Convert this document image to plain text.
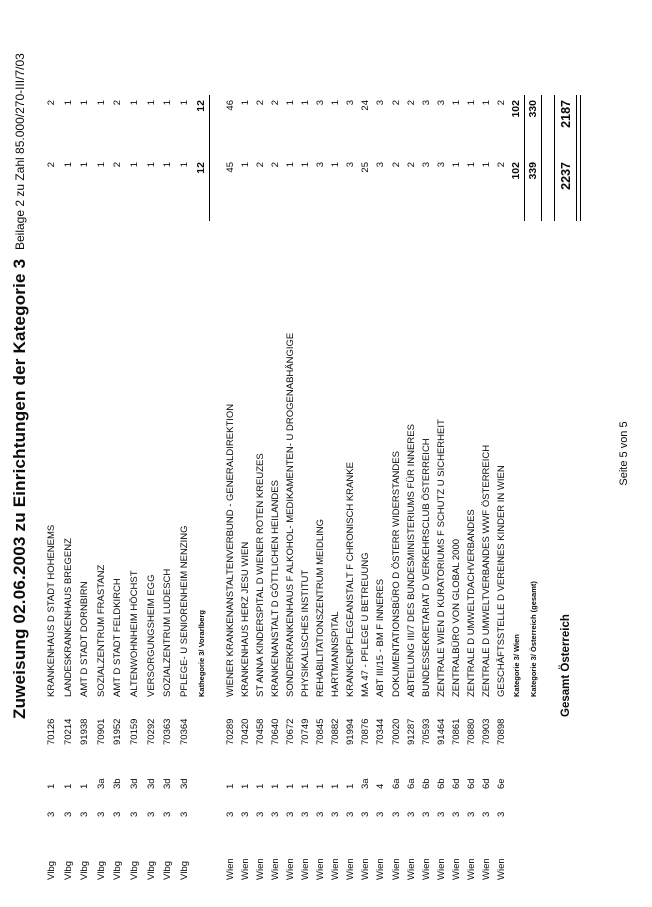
Zuweisung 02.06.2003 zu Einrichtungen der Kategorie 3
Beilage 2 zu Zahl 85.000/270-III/7/03
Vlbg
3
1
70126
KRANKENHAUS D STADT HOHENEMS
2
2
Vlbg
3
1
70214
LANDESKRANKENHAUS BREGENZ
1
1
Vlbg
3
1
91938
AMT D STADT DORNBIRN
1
1
Vlbg
3
3a
70901
SOZIALZENTRUM FRASTANZ
1
1
Vlbg
3
3b
91952
AMT D STADT FELDKIRCH
2
2
Vlbg
3
3d
70159
ALTENWOHNHEIM HÖCHST
1
1
Vlbg
3
3d
70292
VERSORGUNGSHEIM EGG
1
1
Vlbg
3
3d
70363
SOZIALZENTRUM LUDESCH
1
1
Vlbg
3
3d
70364
PFLEGE- U SENIORENHEIM NENZING
1
1
Kathegorie 3/ Vorarlberg
12
12
Wien
3
1
70289
WIENER KRANKENANSTALTENVERBUND - GENERALDIREKTION
45
46
Wien
3
1
70420
KRANKENHAUS HERZ JESU WIEN
1
1
Wien
3
1
70458
ST ANNA KINDERSPITAL D WIENER ROTEN KREUZES
2
2
Wien
3
1
70640
KRANKENANSTALT D GÖTTLICHEN HEILANDES
2
2
Wien
3
1
70672
SONDERKRANKENHAUS F ALKOHOL- MEDIKAMENTEN- U DROGENABHÄNGIGE
1
1
Wien
3
1
70749
PHYSIKALISCHES INSTITUT
1
1
Wien
3
1
70845
REHABILITATIONSZENTRUM MEIDLING
3
3
Wien
3
1
70882
HARTMANNSPITAL
1
1
Wien
3
1
91994
KRANKENPFLEGEANSTALT F CHRONISCH KRANKE
3
3
Wien
3
3a
70876
MA 47 - PFLEGE U BETREUUNG
25
24
Wien
3
4
70344
ABT III/15 - BM F INNERES
3
3
Wien
3
6a
70020
DOKUMENTATIONSBÜRO D ÖSTERR WIDERSTANDES
2
2
Wien
3
6a
91287
ABTEILUNG III/7 DES BUNDESMINISTERIUMS FÜR INNERES
2
2
Wien
3
6b
70593
BUNDESSEKRETARIAT D VERKEHRSCLUB ÖSTERREICH
3
3
Wien
3
6b
91464
ZENTRALE WIEN D KURATORIUMS F SCHUTZ U SICHERHEIT
3
3
Wien
3
6d
70861
ZENTRALBÜRO VON GLOBAL 2000
1
1
Wien
3
6d
70880
ZENTRALE D UMWELTDACHVERBANDES
1
1
Wien
3
6d
70903
ZENTRALE D UMWELTVERBANDES WWF ÖSTERREICH
1
1
Wien
3
6e
70898
GESCHÄFTSSTELLE D VEREINES KINDER IN WIEN
2
2
Kategorie 3/ Wien
102
102
Kategorie 3/ Österreich (gesamt)
339
330
Gesamt Österreich
2237
2187
Seite 5 von 5
